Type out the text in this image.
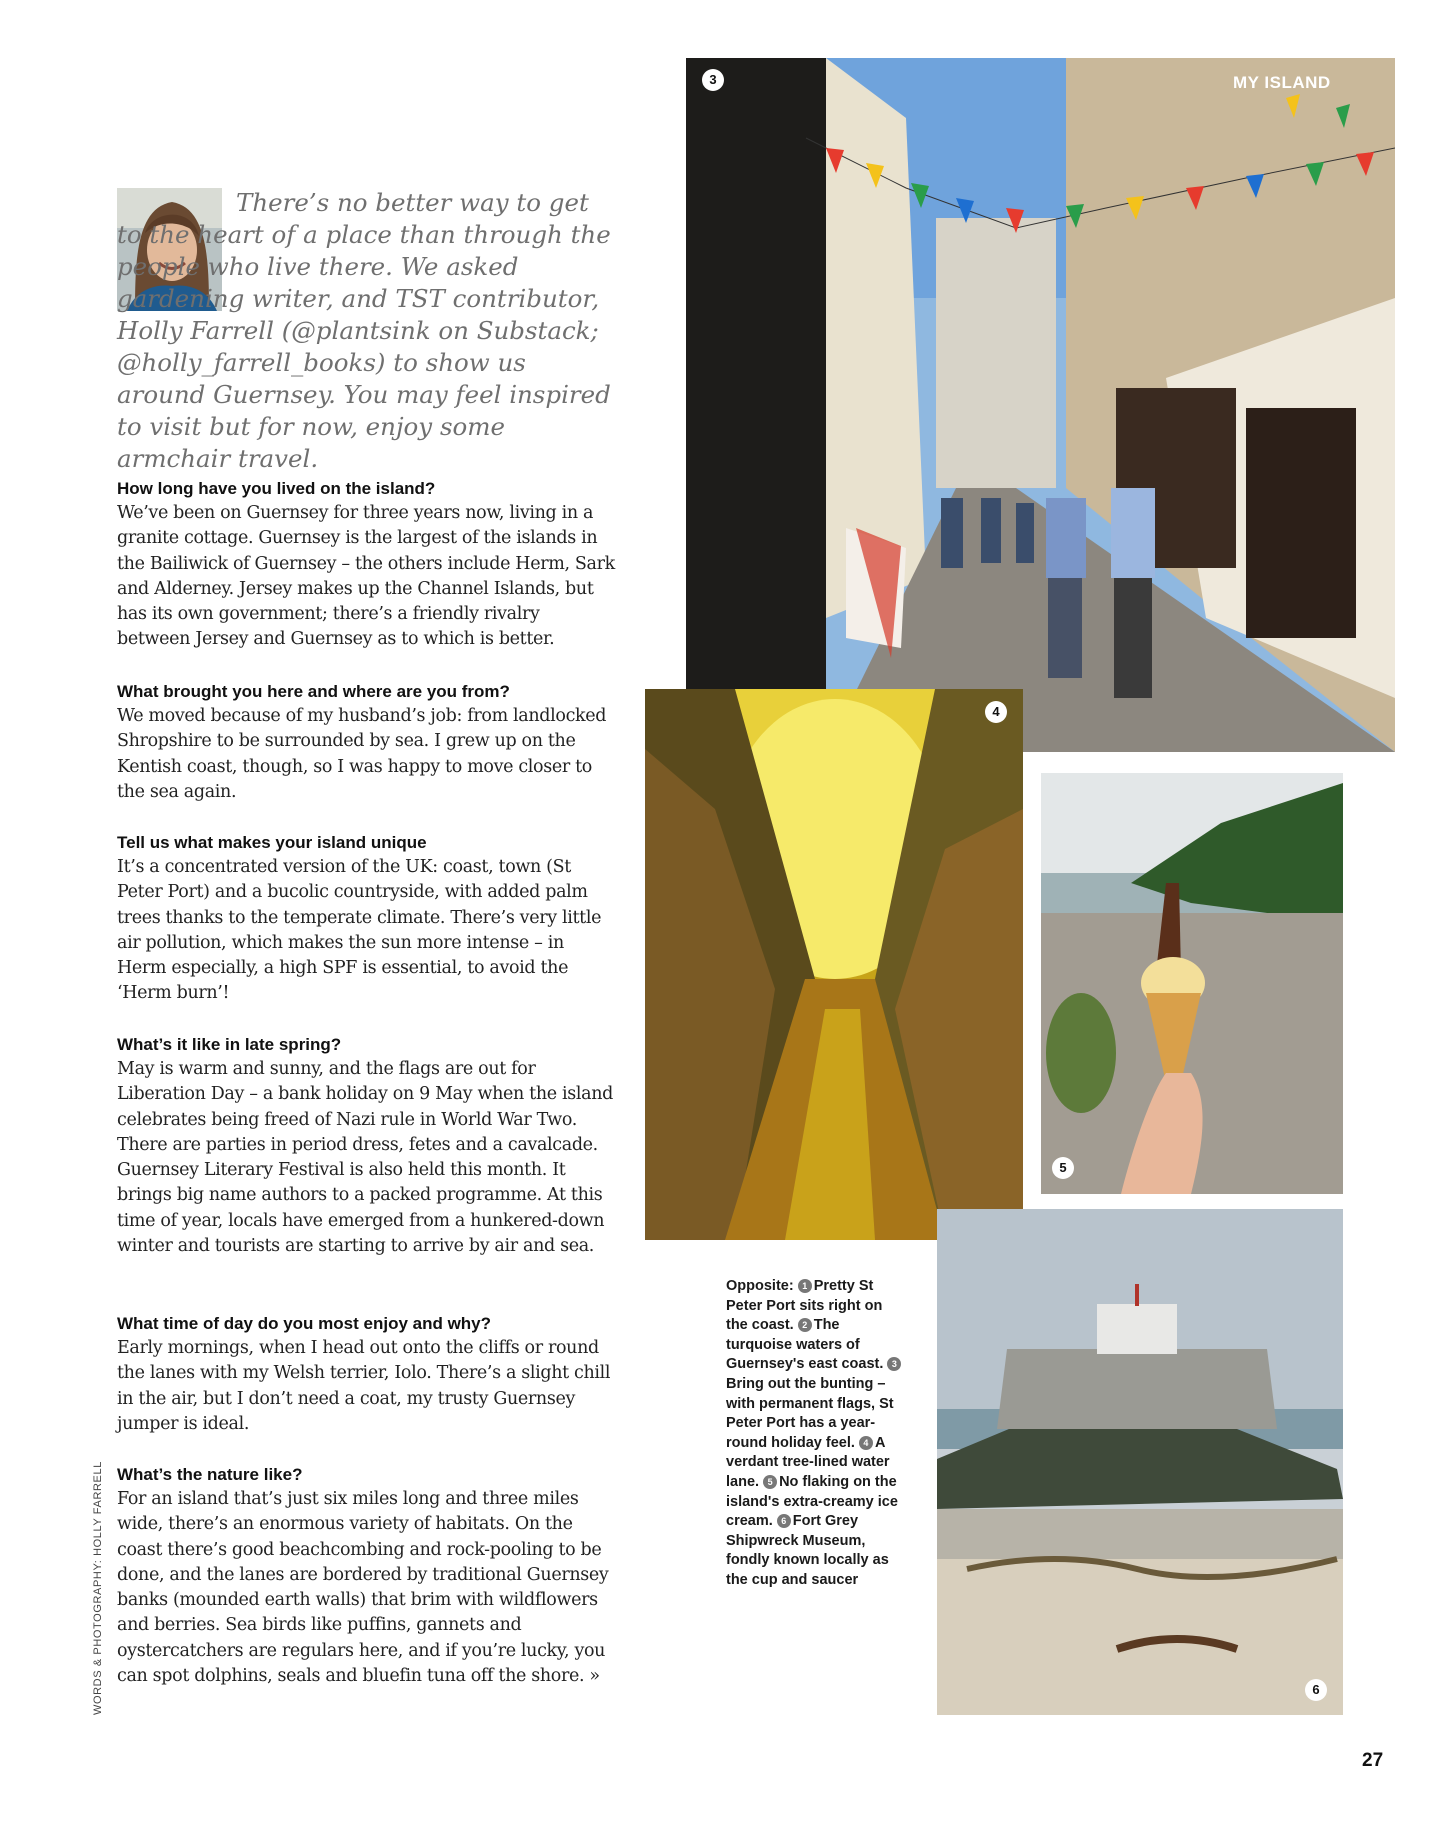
There’s no better way to get to the heart of a place than through the people who live there. We asked gardening writer, and TST contributor, Holly Farrell (@plantsink on Substack; @holly_farrell_books) to show us around Guernsey. You may feel inspired to visit but for now, enjoy some armchair travel.

How long have you lived on the island?

We’ve been on Guernsey for three years now, living in a granite cottage. Guernsey is the largest of the islands in the Bailiwick of Guernsey – the others include Herm, Sark and Alderney. Jersey makes up the Channel Islands, but has its own government; there’s a friendly rivalry between Jersey and Guernsey as to which is better.

What brought you here and where are you from?

We moved because of my husband’s job: from landlocked Shropshire to be surrounded by sea. I grew up on the Kentish coast, though, so I was happy to move closer to the sea again.

Tell us what makes your island unique

It’s a concentrated version of the UK: coast, town (St Peter Port) and a bucolic countryside, with added palm trees thanks to the temperate climate. There’s very little air pollution, which makes the sun more intense – in Herm especially, a high SPF is essential, to avoid the ‘Herm burn’!

What’s it like in late spring?

May is warm and sunny, and the flags are out for Liberation Day – a bank holiday on 9 May when the island celebrates being freed of Nazi rule in World War Two. There are parties in period dress, fetes and a cavalcade. Guernsey Literary Festival is also held this month. It brings big name authors to a packed programme. At this time of year, locals have emerged from a hunkered-down winter and tourists are starting to arrive by air and sea.

What time of day do you most enjoy and why?

Early mornings, when I head out onto the cliffs or round the lanes with my Welsh terrier, Iolo. There’s a slight chill in the air, but I don’t need a coat, my trusty Guernsey jumper is ideal.

What’s the nature like?

For an island that’s just six miles long and three miles wide, there’s an enormous variety of habitats. On the coast there’s good beachcombing and rock-pooling to be done, and the lanes are bordered by traditional Guernsey banks (mounded earth walls) that brim with wildflowers and berries. Sea birds like puffins, gannets and oystercatchers are regulars here, and if you’re lucky, you can spot dolphins, seals and bluefin tuna off the shore. »

MY ISLAND
3
4
5
6
Opposite: 1 Pretty St Peter Port sits right on the coast. 2 The turquoise waters of Guernsey's east coast. 3Bring out the bunting – with permanent flags, St Peter Port has a year-round holiday feel. 4 A verdant tree-lined water lane. 5 No flaking on the island's extra-creamy ice cream. 6 Fort Grey Shipwreck Museum, fondly known locally as the cup and saucer
WORDS & PHOTOGRAPHY: HOLLY FARRELL
27
